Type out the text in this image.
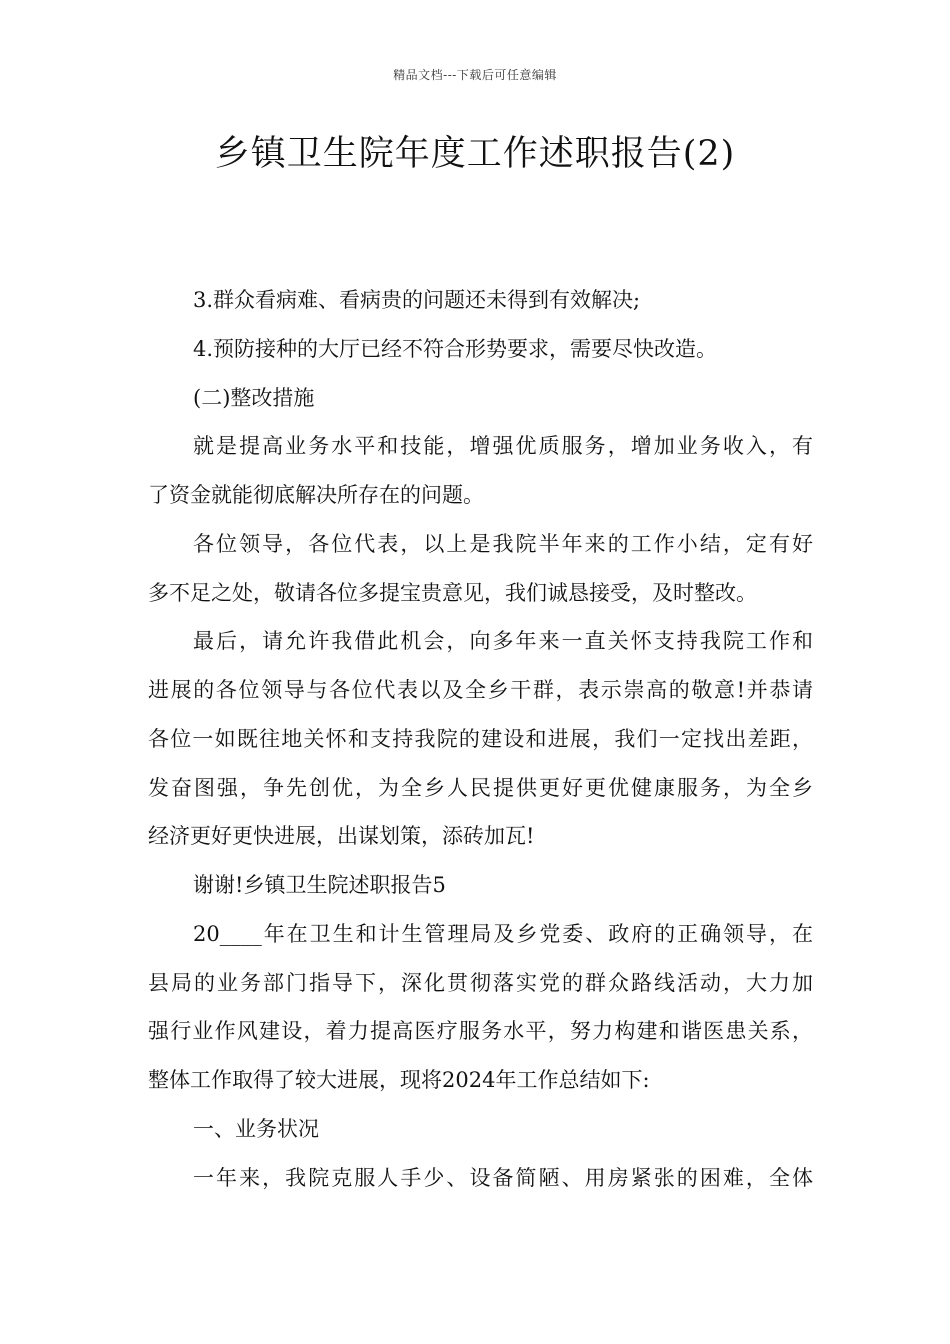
精品文档---下载后可任意编辑
乡镇卫生院年度工作述职报告(2)
3.群众看病难、看病贵的问题还未得到有效解决;
4.预防接种的大厅已经不符合形势要求，需要尽快改造。
(二)整改措施
就是提高业务水平和技能，增强优质服务，增加业务收入，有
了资金就能彻底解决所存在的问题。
各位领导，各位代表，以上是我院半年来的工作小结，定有好
多不足之处，敬请各位多提宝贵意见，我们诚恳接受，及时整改。
最后，请允许我借此机会，向多年来一直关怀支持我院工作和
进展的各位领导与各位代表以及全乡干群，表示崇高的敬意!并恭请
各位一如既往地关怀和支持我院的建设和进展，我们一定找出差距，
发奋图强，争先创优，为全乡人民提供更好更优健康服务，为全乡
经济更好更快进展，出谋划策，添砖加瓦!
谢谢!乡镇卫生院述职报告5
20____年在卫生和计生管理局及乡党委、政府的正确领导，在
县局的业务部门指导下，深化贯彻落实党的群众路线活动，大力加
强行业作风建设，着力提高医疗服务水平，努力构建和谐医患关系，
整体工作取得了较大进展，现将2024年工作总结如下:
一、业务状况
一年来，我院克服人手少、设备简陋、用房紧张的困难，全体
